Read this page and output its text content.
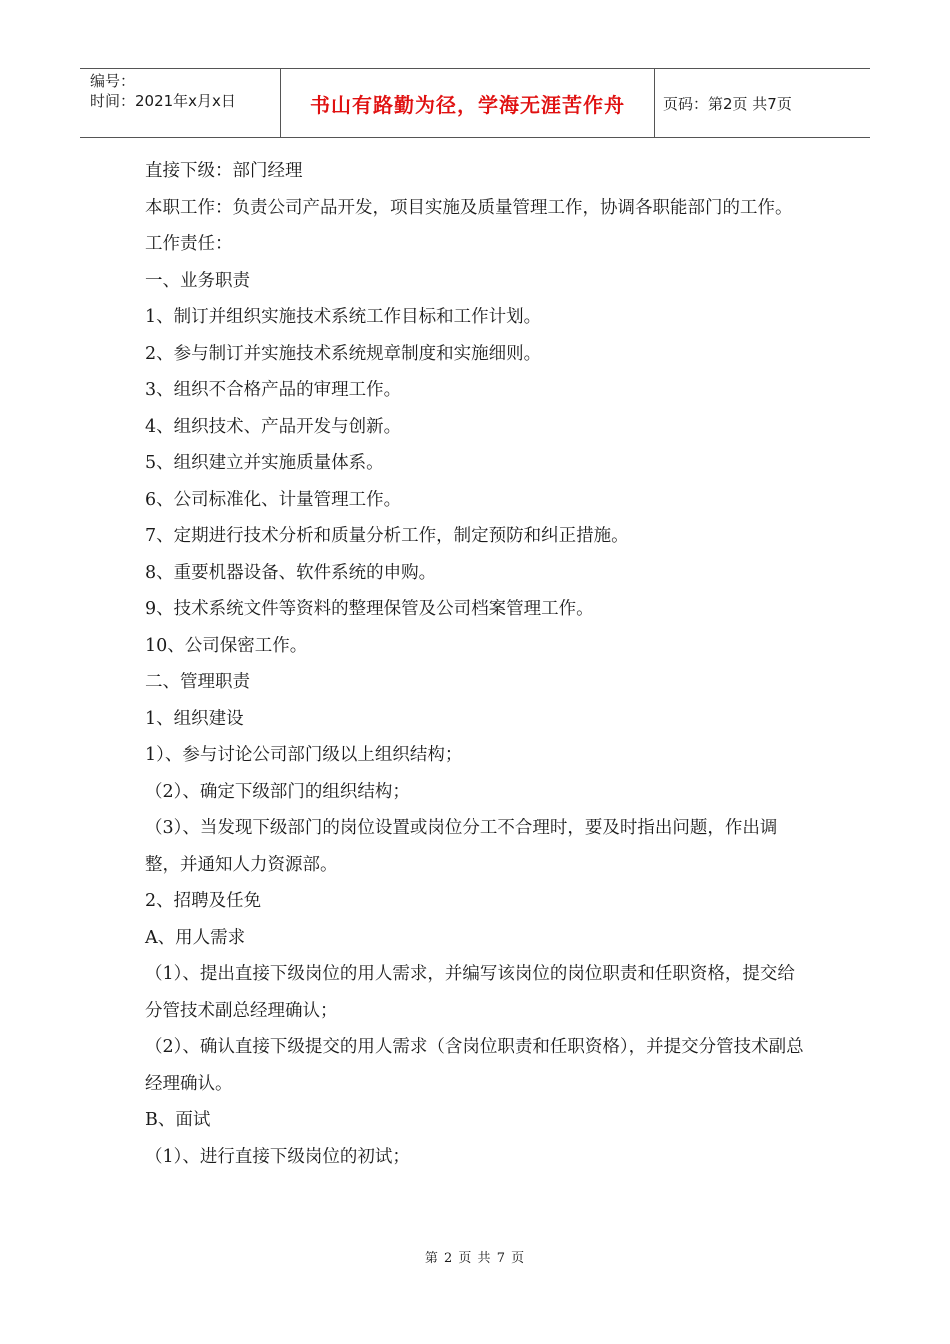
编号：
时间：2021年x月x日	书山有路勤为径，学海无涯苦作舟	页码：第2页 共7页
直接下级：部门经理
本职工作：负责公司产品开发，项目实施及质量管理工作，协调各职能部门的工作。
工作责任：
一、业务职责
1、制订并组织实施技术系统工作目标和工作计划。
2、参与制订并实施技术系统规章制度和实施细则。
3、组织不合格产品的审理工作。
4、组织技术、产品开发与创新。
5、组织建立并实施质量体系。
6、公司标准化、计量管理工作。
7、定期进行技术分析和质量分析工作，制定预防和纠正措施。
8、重要机器设备、软件系统的申购。
9、技术系统文件等资料的整理保管及公司档案管理工作。
10、公司保密工作。
二、管理职责
1、组织建设
1）、参与讨论公司部门级以上组织结构；
（2）、确定下级部门的组织结构；
（3）、当发现下级部门的岗位设置或岗位分工不合理时，要及时指出问题，作出调整，并通知人力资源部。
2、招聘及任免
A、用人需求
（1）、提出直接下级岗位的用人需求，并编写该岗位的岗位职责和任职资格，提交给分管技术副总经理确认；
（2）、确认直接下级提交的用人需求（含岗位职责和任职资格），并提交分管技术副总经理确认。
B、面试
（1）、进行直接下级岗位的初试；
第 2 页 共 7 页
